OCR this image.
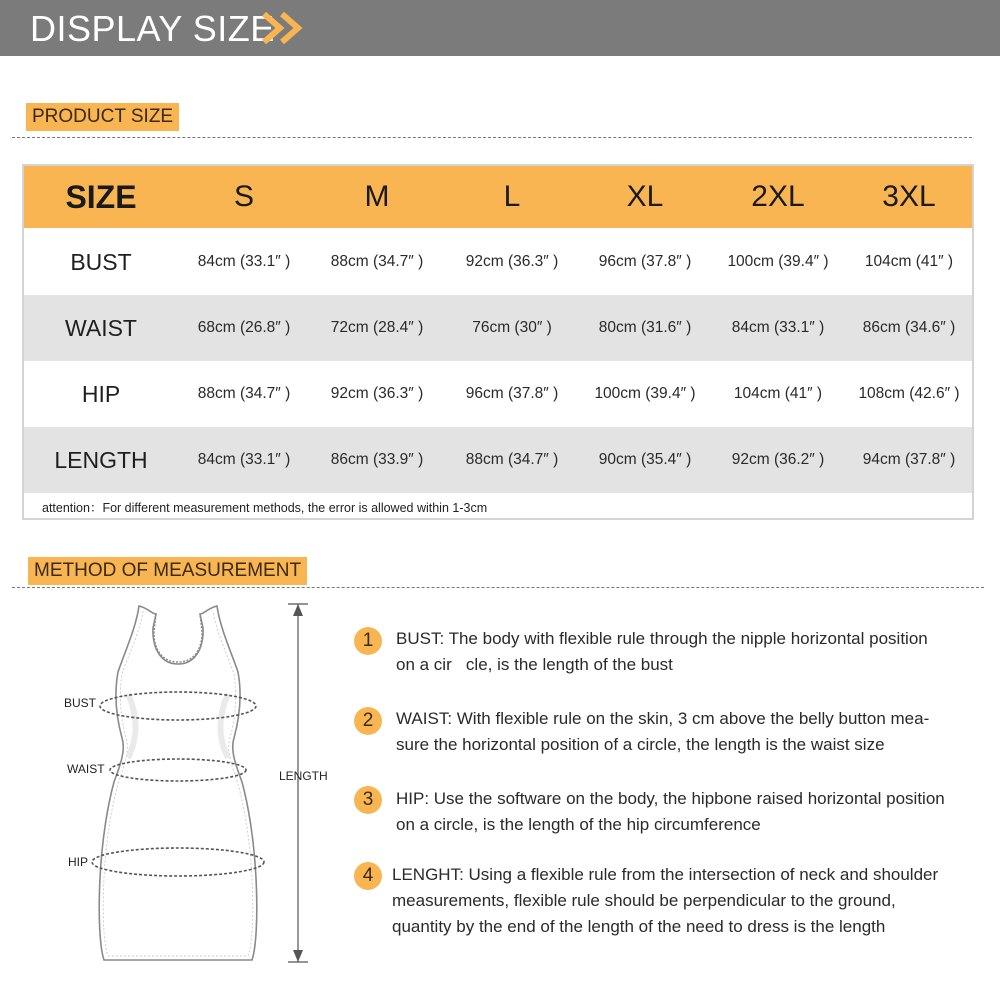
DISPLAY SIZE
PRODUCT SIZE
SIZE	S	M	L	XL	2XL	3XL
BUST	84cm (33.1″ )	88cm (34.7″ )	92cm (36.3″ )	96cm (37.8″ )	100cm (39.4″ )	104cm (41″ )
WAIST	68cm (26.8″ )	72cm (28.4″ )	76cm (30″ )	80cm (31.6″ )	84cm (33.1″ )	86cm (34.6″ )
HIP	88cm (34.7″ )	92cm (36.3″ )	96cm (37.8″ )	100cm (39.4″ )	104cm (41″ )	108cm (42.6″ )
LENGTH	84cm (33.1″ )	86cm (33.9″ )	88cm (34.7″ )	90cm (35.4″ )	92cm (36.2″ )	94cm (37.8″ )
attention：For different measurement methods, the error is allowed within 1-3cm
METHOD OF MEASUREMENT
BUST
WAIST
HIP
LENGTH
1	BUST: The body with flexible rule through the nipple horizontal position
on a cir   cle, is the length of the bust
2	WAIST: With flexible rule on the skin, 3 cm above the belly button mea-
sure the horizontal position of a circle, the length is the waist size
3	HIP: Use the software on the body, the hipbone raised horizontal position
on a circle, is the length of the hip circumference
4	LENGHT: Using a flexible rule from the intersection of neck and shoulder
measurements, flexible rule should be perpendicular to the ground,
quantity by the end of the length of the need to dress is the length
